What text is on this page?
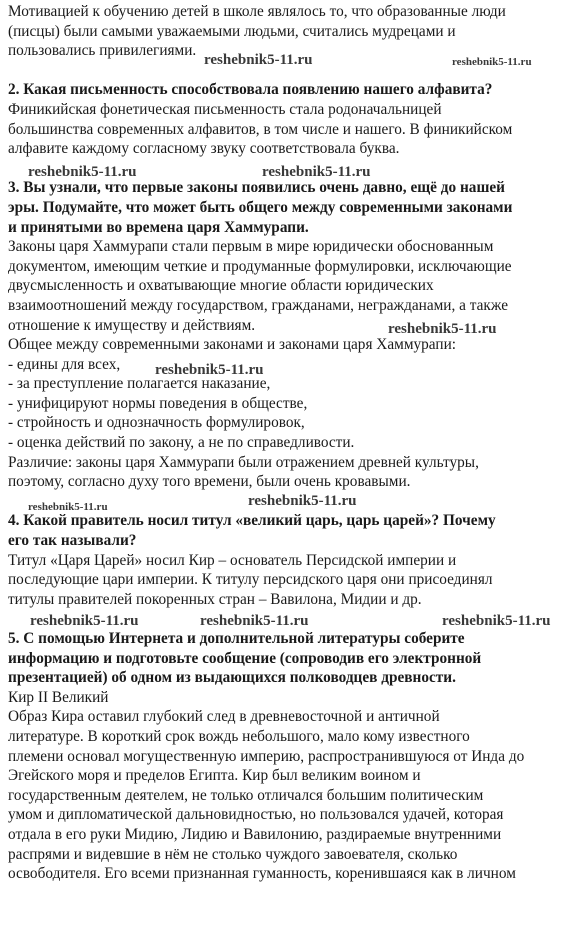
Мотивацией к обучению детей в школе являлось то, что образованные люди
(писцы) были самыми уважаемыми людьми, считались мудрецами и
пользовались привилегиями.
2. Какая письменность способствовала появлению нашего алфавита?
Финикийская фонетическая письменность стала родоначальницей
большинства современных алфавитов, в том числе и нашего. В финикийском
алфавите каждому согласному звуку соответствовала буква.
3. Вы узнали, что первые законы появились очень давно, ещё до нашей
эры. Подумайте, что может быть общего между современными законами
и принятыми во времена царя Хаммурапи.
Законы царя Хаммурапи стали первым в мире юридически обоснованным
документом, имеющим четкие и продуманные формулировки, исключающие
двусмысленность и охватывающие многие области юридических
взаимоотношений между государством, гражданами, негражданами, а также
отношение к имуществу и действиям.
Общее между современными законами и законами царя Хаммурапи:
- едины для всех,
- за преступление полагается наказание,
- унифицируют нормы поведения в обществе,
- стройность и однозначность формулировок,
- оценка действий по закону, а не по справедливости.
Различие: законы царя Хаммурапи были отражением древней культуры,
поэтому, согласно духу того времени, были очень кровавыми.
4. Какой правитель носил титул «великий царь, царь царей»? Почему
его так называли?
Титул «Царя Царей» носил Кир – основатель Персидской империи и
последующие цари империи. К титулу персидского царя они присоединял
титулы правителей покоренных стран – Вавилона, Мидии и др.
5. С помощью Интернета и дополнительной литературы соберите
информацию и подготовьте сообщение (сопроводив его электронной
презентацией) об одном из выдающихся полководцев древности.
Кир II Великий
Образ Кира оставил глубокий след в древневосточной и античной
литературе. В короткий срок вождь небольшого, мало кому известного
племени основал могущественную империю, распространившуюся от Инда до
Эгейского моря и пределов Египта. Кир был великим воином и
государственным деятелем, не только отличался большим политическим
умом и дипломатической дальновидностью, но пользовался удачей, которая
отдала в его руки Мидию, Лидию и Вавилонию, раздираемые внутренними
распрями и видевшие в нём не столько чуждого завоевателя, сколько
освободителя. Его всеми признанная гуманность, коренившаяся как в личном
reshebnik5-11.ru	reshebnik5-11.ru
reshebnik5-11.ru	reshebnik5-11.ru
reshebnik5-11.ru
reshebnik5-11.ru
reshebnik5-11.ru	reshebnik5-11.ru
reshebnik5-11.ru	reshebnik5-11.ru	reshebnik5-11.ru
